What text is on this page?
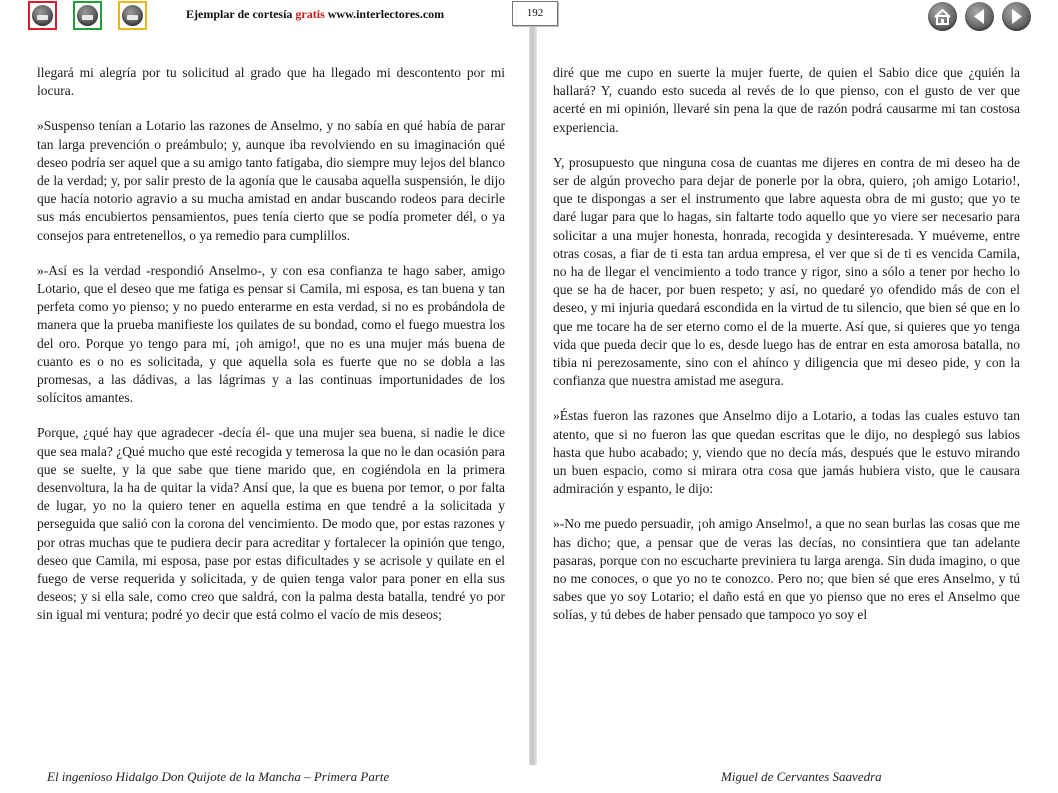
Ejemplar de cortesía gratis www.interlectores.com	192

llegará mi alegría por tu solicitud al grado que ha llegado mi descontento por mi locura.

»Suspenso tenían a Lotario las razones de Anselmo, y no sabía en qué había de parar tan larga prevención o preámbulo; y, aunque iba revolviendo en su imaginación qué deseo podría ser aquel que a su amigo tanto fatigaba, dio siempre muy lejos del blanco de la verdad; y, por salir presto de la agonía que le causaba aquella suspensión, le dijo que hacía notorio agravio a su mucha amistad en andar buscando rodeos para decirle sus más encubiertos pensamientos, pues tenía cierto que se podía prometer dél, o ya consejos para entretenellos, o ya remedio para cumplillos.

»-Así es la verdad -respondió Anselmo-, y con esa confianza te hago saber, amigo Lotario, que el deseo que me fatiga es pensar si Camila, mi esposa, es tan buena y tan perfeta como yo pienso; y no puedo enterarme en esta verdad, si no es probándola de manera que la prueba manifieste los quilates de su bondad, como el fuego muestra los del oro. Porque yo tengo para mí, ¡oh amigo!, que no es una mujer más buena de cuanto es o no es solicitada, y que aquella sola es fuerte que no se dobla a las promesas, a las dádivas, a las lágrimas y a las continuas importunidades de los solícitos amantes.

Porque, ¿qué hay que agradecer -decía él- que una mujer sea buena, si nadie le dice que sea mala? ¿Qué mucho que esté recogida y temerosa la que no le dan ocasión para que se suelte, y la que sabe que tiene marido que, en cogiéndola en la primera desenvoltura, la ha de quitar la vida? Ansí que, la que es buena por temor, o por falta de lugar, yo no la quiero tener en aquella estima en que tendré a la solicitada y perseguida que salió con la corona del vencimiento. De modo que, por estas razones y por otras muchas que te pudiera decir para acreditar y fortalecer la opinión que tengo, deseo que Camila, mi esposa, pase por estas dificultades y se acrisole y quilate en el fuego de verse requerida y solicitada, y de quien tenga valor para poner en ella sus deseos; y si ella sale, como creo que saldrá, con la palma desta batalla, tendré yo por sin igual mi ventura; podré yo decir que está colmo el vacío de mis deseos;

diré que me cupo en suerte la mujer fuerte, de quien el Sabio dice que ¿quién la hallará? Y, cuando esto suceda al revés de lo que pienso, con el gusto de ver que acerté en mi opinión, llevaré sin pena la que de razón podrá causarme mi tan costosa experiencia.

Y, prosupuesto que ninguna cosa de cuantas me dijeres en contra de mi deseo ha de ser de algún provecho para dejar de ponerle por la obra, quiero, ¡oh amigo Lotario!, que te dispongas a ser el instrumento que labre aquesta obra de mi gusto; que yo te daré lugar para que lo hagas, sin faltarte todo aquello que yo viere ser necesario para solicitar a una mujer honesta, honrada, recogida y desinteresada. Y muéveme, entre otras cosas, a fiar de ti esta tan ardua empresa, el ver que si de ti es vencida Camila, no ha de llegar el vencimiento a todo trance y rigor, sino a sólo a tener por hecho lo que se ha de hacer, por buen respeto; y así, no quedaré yo ofendido más de con el deseo, y mi injuria quedará escondida en la virtud de tu silencio, que bien sé que en lo que me tocare ha de ser eterno como el de la muerte. Así que, si quieres que yo tenga vida que pueda decir que lo es, desde luego has de entrar en esta amorosa batalla, no tibia ni perezosamente, sino con el ahínco y diligencia que mi deseo pide, y con la confianza que nuestra amistad me asegura.

»Éstas fueron las razones que Anselmo dijo a Lotario, a todas las cuales estuvo tan atento, que si no fueron las que quedan escritas que le dijo, no desplegó sus labios hasta que hubo acabado; y, viendo que no decía más, después que le estuvo mirando un buen espacio, como si mirara otra cosa que jamás hubiera visto, que le causara admiración y espanto, le dijo:

»-No me puedo persuadir, ¡oh amigo Anselmo!, a que no sean burlas las cosas que me has dicho; que, a pensar que de veras las decías, no consintiera que tan adelante pasaras, porque con no escucharte previniera tu larga arenga. Sin duda imagino, o que no me conoces, o que yo no te conozco. Pero no; que bien sé que eres Anselmo, y tú sabes que yo soy Lotario; el daño está en que yo pienso que no eres el Anselmo que solías, y tú debes de haber pensado que tampoco yo soy el

El ingenioso Hidalgo Don Quijote de la Mancha – Primera Parte	Miguel de Cervantes Saavedra
